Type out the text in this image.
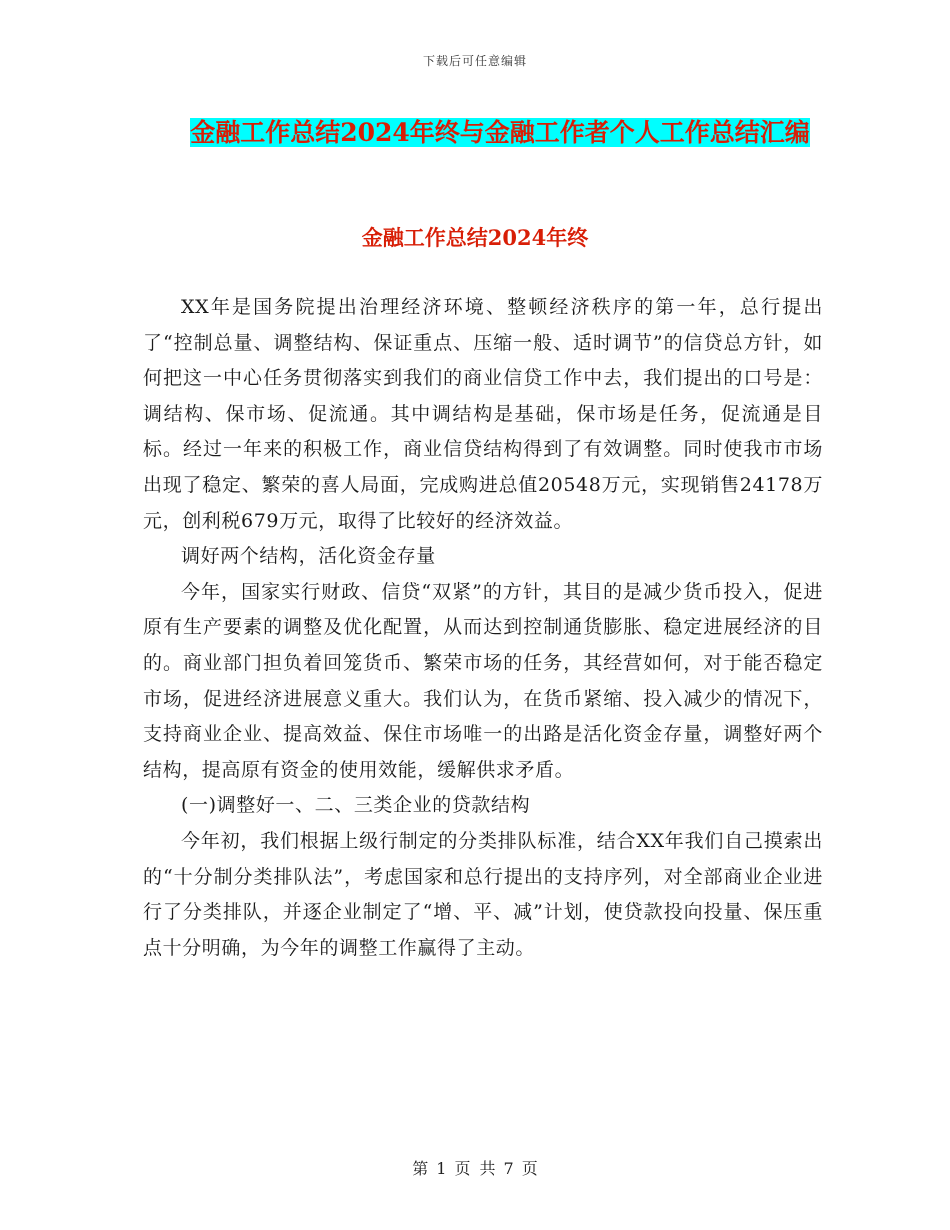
下载后可任意编辑
金融工作总结2024年终与金融工作者个人工作总结汇编
金融工作总结2024年终

XX年是国务院提出治理经济环境、整顿经济秩序的第一年，总行提出了“控制总量、调整结构、保证重点、压缩一般、适时调节”的信贷总方针，如何把这一中心任务贯彻落实到我们的商业信贷工作中去，我们提出的口号是：调结构、保市场、促流通。其中调结构是基础，保市场是任务，促流通是目标。经过一年来的积极工作，商业信贷结构得到了有效调整。同时使我市市场出现了稳定、繁荣的喜人局面，完成购进总值20548万元，实现销售24178万元，创利税679万元，取得了比较好的经济效益。

调好两个结构，活化资金存量

今年，国家实行财政、信贷“双紧”的方针，其目的是减少货币投入，促进原有生产要素的调整及优化配置，从而达到控制通货膨胀、稳定进展经济的目的。商业部门担负着回笼货币、繁荣市场的任务，其经营如何，对于能否稳定市场，促进经济进展意义重大。我们认为，在货币紧缩、投入减少的情况下，支持商业企业、提高效益、保住市场唯一的出路是活化资金存量，调整好两个结构，提高原有资金的使用效能，缓解供求矛盾。

(一)调整好一、二、三类企业的贷款结构

今年初，我们根据上级行制定的分类排队标准，结合XX年我们自己摸索出的“十分制分类排队法”，考虑国家和总行提出的支持序列，对全部商业企业进行了分类排队，并逐企业制定了“增、平、减”计划，使贷款投向投量、保压重点十分明确，为今年的调整工作赢得了主动。

第 1 页 共 7 页
